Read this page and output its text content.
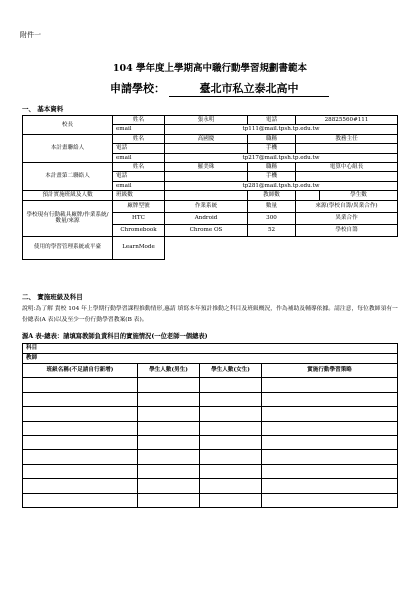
附件一
104 學年度上學期高中職行動學習規劃書範本
申請學校：	臺北市私立泰北高中
一、 基本資料
校長	姓名	張永明	電話	28825560#111	
	email	tp111@mail.tpsh.tp.edu.tw			
本計畫聯絡人	姓名	高國慶	職稱	教務主任	
	電話		手機		
	email	tp217@mail.tpsh.tp.edu.tw			
本計畫第二聯絡人	姓名	羅美珠	職稱	電算中心組長	
	電話		手機		
	email	tp281@mail.tpsh.tp.edu.tw			
預計實施班級及人數	班級數		教師數		學生數
學校現有行動載具廠牌/作業系統/數量/來源	廠牌型號	作業系統	數量	來源(學校自籌/異業合作)	
	HTC	Android	300	異業合作	
	Chromebook	Chrome OS	52	學校自籌	
使用的學習管理系統或平臺	LearnMode				
二、 實施班級及科目
說明:為了解 貴校 104 年上學期行動學習課程推動情形,惠請 填寫本年預計推動之科目及班級概況，作為補助及輔導依據。請注意，每位教師須有一份總表(A 表)以及至少一份行動學習教案(B 表)。
源A 表-總表：請填寫教師負責科目的實施情況(一位老師一個總表)
科目			
教師			
班級名稱(不足請自行新增)	學生人數(男生)	學生人數(女生)	實施行動學習策略
